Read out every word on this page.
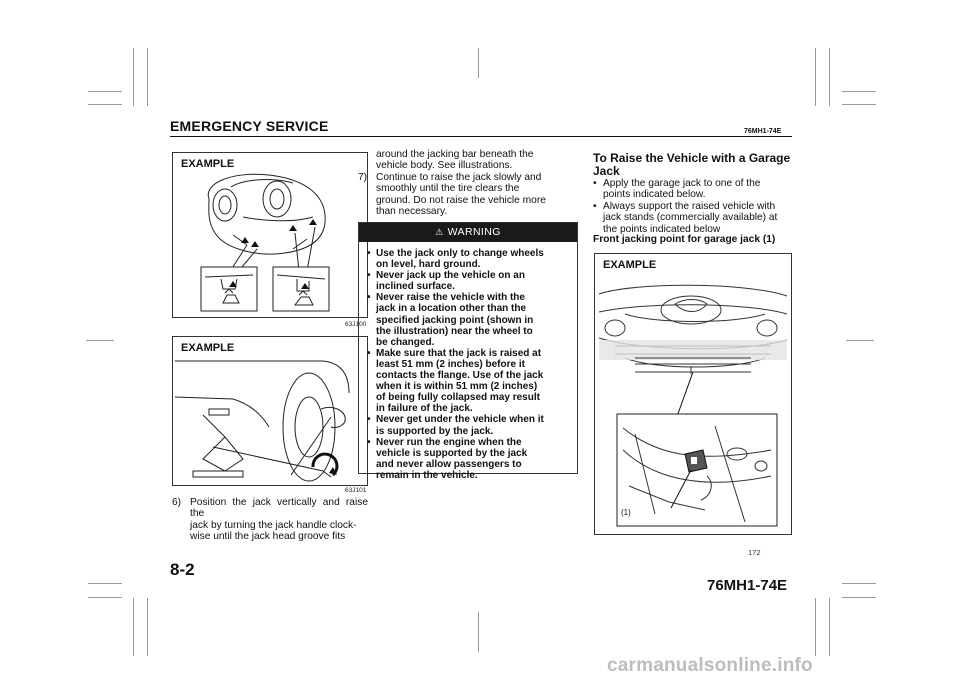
EMERGENCY SERVICE	76MH1-74E
EXAMPLE
63J100
EXAMPLE
63J101
6) Position the jack vertically and raise the
jack by turning the jack handle clock-
wise until the jack head groove fits
around the jacking bar beneath the
vehicle body. See illustrations.
7) Continue to raise the jack slowly and
smoothly until the tire clears the
ground. Do not raise the vehicle more
than necessary.
⚠ WARNING
• Use the jack only to change wheels
on level, hard ground.
• Never jack up the vehicle on an
inclined surface.
• Never raise the vehicle with the
jack in a location other than the
specified jacking point (shown in
the illustration) near the wheel to
be changed.
• Make sure that the jack is raised at
least 51 mm (2 inches) before it
contacts the flange. Use of the jack
when it is within 51 mm (2 inches)
of being fully collapsed may result
in failure of the jack.
• Never get under the vehicle when it
is supported by the jack.
• Never run the engine when the
vehicle is supported by the jack
and never allow passengers to
remain in the vehicle.
To Raise the Vehicle with a Garage
Jack
• Apply the garage jack to one of the
points indicated below.
• Always support the raised vehicle with
jack stands (commercially available) at
the points indicated below
Front jacking point for garage jack (1)
EXAMPLE
(1)
172
8-2
76MH1-74E
carmanualsonline.info
